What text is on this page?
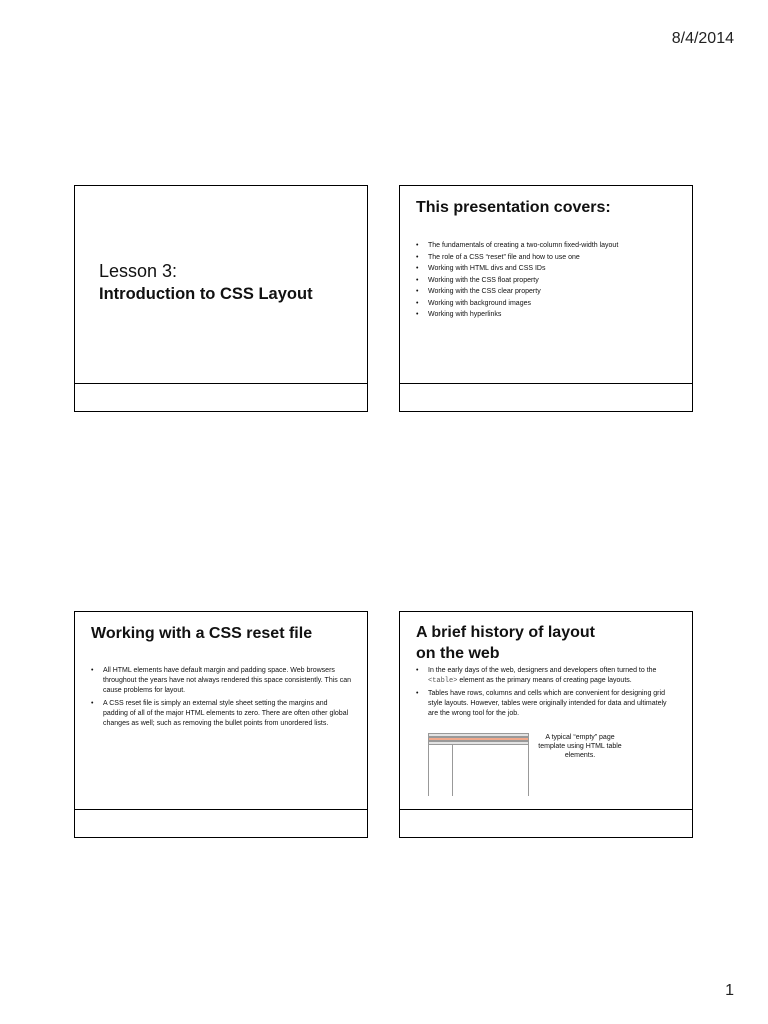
8/4/2014
Lesson 3:
Introduction to CSS Layout
This presentation covers:
• The fundamentals of creating a two-column fixed-width layout
• The role of a CSS “reset” file and how to use one
• Working with HTML divs and CSS IDs
• Working with the CSS float property
• Working with the CSS clear property
• Working with background images
• Working with hyperlinks
Working with a CSS reset file
• All HTML elements have default margin and padding space. Web browsers throughout the years have not always rendered this space consistently. This can cause problems for layout.
• A CSS reset file is simply an external style sheet setting the margins and padding of all of the major HTML elements to zero. There are often other global changes as well; such as removing the bullet points from unordered lists.
A brief history of layout
on the web
• In the early days of the web, designers and developers often turned to the <table> element as the primary means of creating page layouts.
• Tables have rows, columns and cells which are convenient for designing grid style layouts. However, tables were originally intended for data and ultimately are the wrong tool for the job.
A typical “empty” page template using HTML table elements.
1
